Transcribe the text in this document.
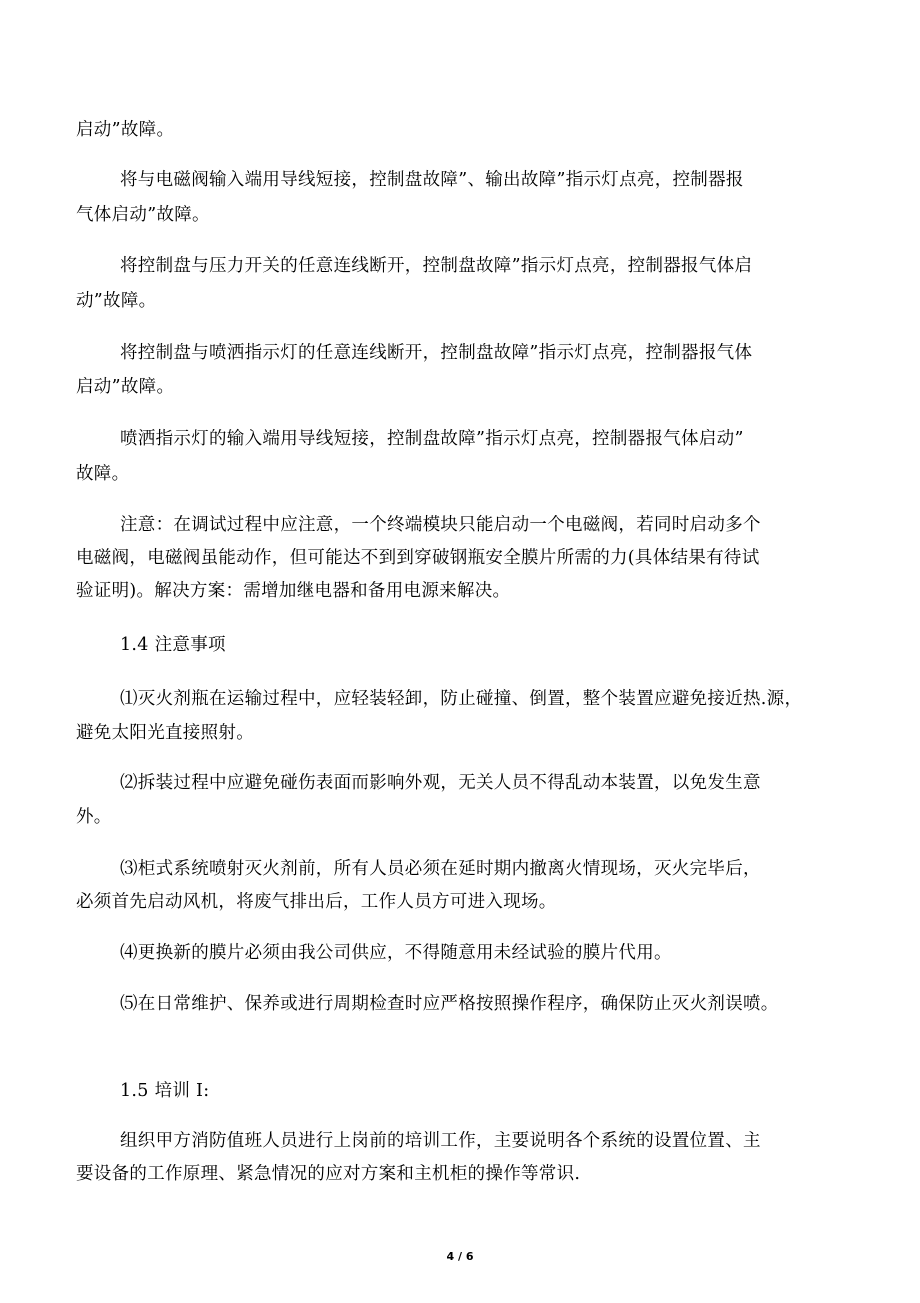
启动”故障。
将与电磁阀输入端用导线短接，控制盘故障”、输出故障”指示灯点亮，控制器报
气体启动”故障。
将控制盘与压力开关的任意连线断开，控制盘故障”指示灯点亮，控制器报气体启
动”故障。
将控制盘与喷洒指示灯的任意连线断开，控制盘故障”指示灯点亮，控制器报气体
启动”故障。
喷洒指示灯的输入端用导线短接，控制盘故障”指示灯点亮，控制器报气体启动”
故障。
注意：在调试过程中应注意，一个终端模块只能启动一个电磁阀，若同时启动多个
电磁阀，电磁阀虽能动作，但可能达不到到穿破钢瓶安全膜片所需的力(具体结果有待试
验证明)。解决方案：需增加继电器和备用电源来解决。
1.4 注意事项
⑴灭火剂瓶在运输过程中，应轻装轻卸，防止碰撞、倒置，整个装置应避免接近热.源，
避免太阳光直接照射。
⑵拆装过程中应避免碰伤表面而影响外观，无关人员不得乱动本装置，以免发生意
外。
⑶柜式系统喷射灭火剂前，所有人员必须在延时期内撤离火情现场，灭火完毕后，
必须首先启动风机，将废气排出后，工作人员方可进入现场。
⑷更换新的膜片必须由我公司供应，不得随意用未经试验的膜片代用。
⑸在日常维护、保养或进行周期检查时应严格按照操作程序，确保防止灭火剂误喷。
1.5 培训 I:
组织甲方消防值班人员进行上岗前的培训工作，主要说明各个系统的设置位置、主
要设备的工作原理、紧急情况的应对方案和主机柜的操作等常识.
4 / 6
